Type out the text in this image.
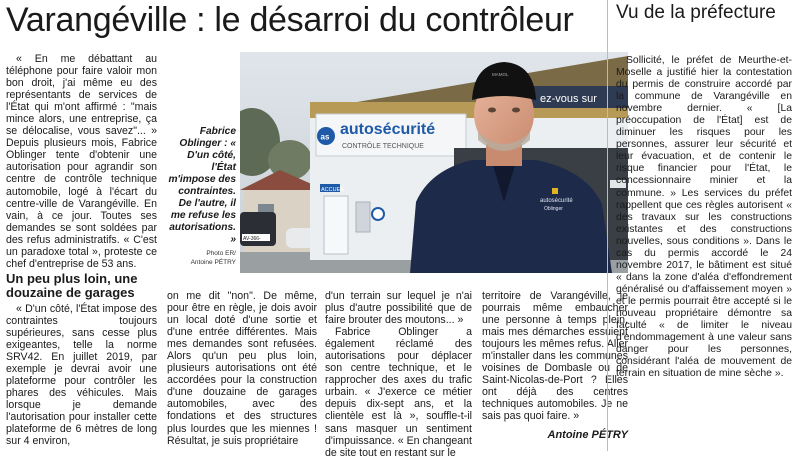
Varangéville : le désarroi du contrôleur

« En me débattant au téléphone pour faire valoir mon bon droit, j'ai même eu des représentants de services de l'État qui m'ont affirmé : "mais mince alors, une entreprise, ça se délocalise, vous savez"... » Depuis plusieurs mois, Fabrice Oblinger tente d'obtenir une autorisation pour agrandir son centre de contrôle technique automobile, logé à l'écart du centre-ville de Varangéville. En vain, à ce jour. Toutes ses demandes se sont soldées par des refus administratifs. « C'est un paradoxe total », proteste ce chef d'entreprise de 53 ans.

Un peu plus loin, une douzaine de garages

« D'un côté, l'État impose des contraintes toujours supérieures, sans cesse plus exigeantes, telle la norme SRV42. En juillet 2019, par exemple je devrai avoir une plateforme pour contrôler les phares des véhicules. Mais lorsque je demande l'autorisation pour installer cette plateforme de 6 mètres de long sur 4 environ,

Fabrice Oblinger : « D'un côté, l'État m'impose des contraintes. De l'autre, il me refuse les autorisations. »
Photo ER/
Antoine PÉTRY
as autosécurité
CONTRÔLE TECHNIQUE
ez-vous sur
ACCUEIL
MAMOL
autosécurité
Oblinger
AV-366-

on me dit "non". De même, pour être en règle, je dois avoir un local doté d'une sortie et d'une entrée différentes. Mais mes demandes sont refusées. Alors qu'un peu plus loin, plusieurs autorisations ont été accordées pour la construction d'une douzaine de garages automobiles, avec des fondations et des structures plus lourdes que les miennes ! Résultat, je suis propriétaire

d'un terrain sur lequel je n'ai plus d'autre possibilité que de faire brouter des moutons... »

Fabrice Oblinger a également réclamé des autorisations pour déplacer son centre technique, et le rapprocher des axes du trafic urbain. « J'exerce ce métier depuis dix-sept ans, et la clientèle est là », souffle-t-il sans masquer un sentiment d'impuissance. « En changeant de site tout en restant sur le

territoire de Varangéville, je pourrais même embaucher une personne à temps plein, mais mes démarches essuient toujours les mêmes refus. Aller m'installer dans les communes voisines de Dombasle ou de Saint-Nicolas-de-Port ? Elles ont déjà des centres techniques automobiles. Je ne sais pas quoi faire. »

Antoine PÉTRY
Vu de la préfecture

Sollicité, le préfet de Meurthe-et-Moselle a justifié hier la contestation du permis de construire accordé par la commune de Varangéville en novembre dernier. « [La préoccupation de l'État] est de diminuer les risques pour les personnes, assurer leur sécurité et leur évacuation, et de contenir le risque financier pour l'État, le concessionnaire minier et la commune. » Les services du préfet rappellent que ces règles autorisent « des travaux sur les constructions existantes et des constructions nouvelles, sous conditions ». Dans le cas du permis accordé le 24 novembre 2017, le bâtiment est situé « dans la zone d'aléa d'effondrement généralisé ou d'affaissement moyen » et le permis pourrait être accepté si le nouveau propriétaire démontre sa faculté « de limiter le niveau d'endommagement à une valeur sans danger pour les personnes, considérant l'aléa de mouvement de terrain en situation de mine sèche ».
